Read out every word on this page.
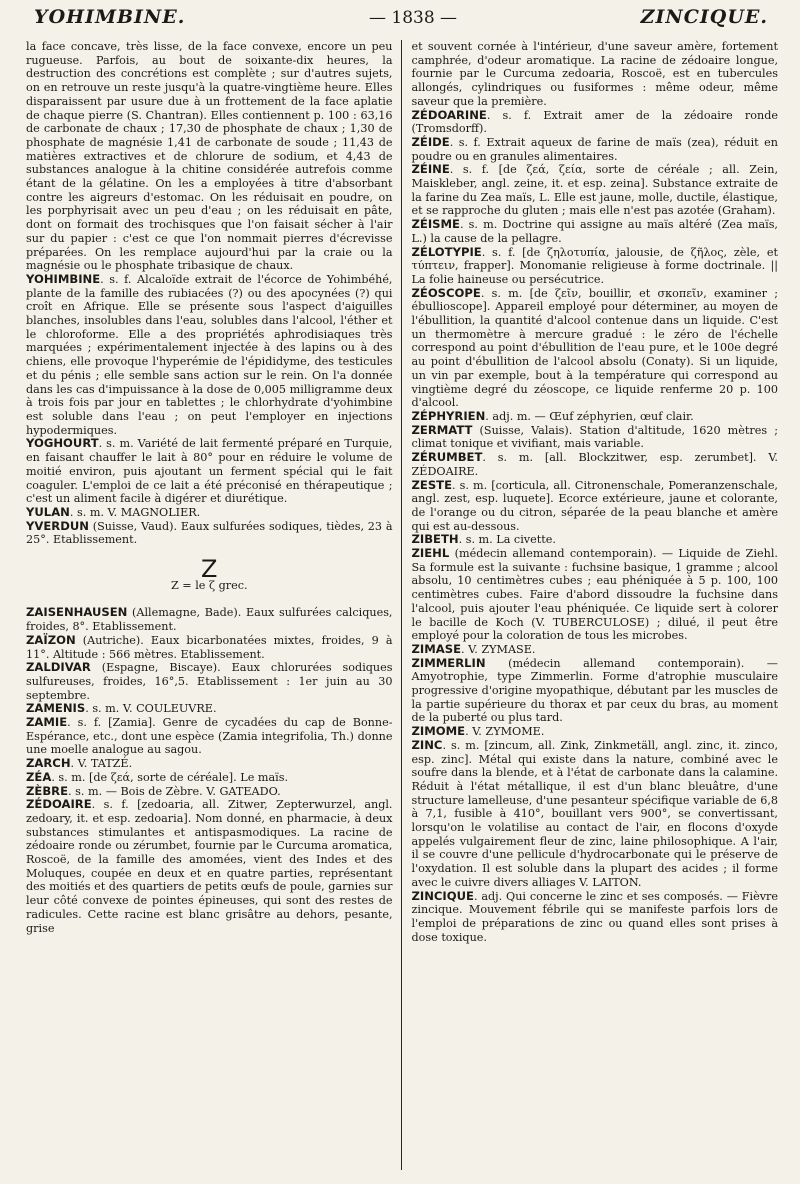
YOHIMBINE.	— 1838 —	ZINCIQUE.

la face concave, très lisse, de la face convexe, encore un peu rugueuse. Parfois, au bout de soixante-dix heures, la destruction des concrétions est complète ; sur d'autres sujets, on en retrouve un reste jusqu'à la quatre-vingtième heure. Elles disparaissent par usure due à un frottement de la face aplatie de chaque pierre (S. Chantran). Elles contiennent p. 100 : 63,16 de carbonate de chaux ; 17,30 de phosphate de chaux ; 1,30 de phosphate de magnésie 1,41 de carbonate de soude ; 11,43 de matières extractives et de chlorure de sodium, et 4,43 de substances analogue à la chitine considérée autrefois comme étant de la gélatine. On les a employées à titre d'absorbant contre les aigreurs d'estomac. On les réduisait en poudre, on les porphyrisait avec un peu d'eau ; on les réduisait en pâte, dont on formait des trochisques que l'on faisait sécher à l'air sur du papier : c'est ce que l'on nommait pierres d'écrevisse préparées. On les remplace aujourd'hui par la craie ou la magnésie ou le phosphate tribasique de chaux.

YOHIMBINE. s. f. Alcaloïde extrait de l'écorce de Yohimbéhé, plante de la famille des rubiacées (?) ou des apocynées (?) qui croît en Afrique. Elle se présente sous l'aspect d'aiguilles blanches, insolubles dans l'eau, solubles dans l'alcool, l'éther et le chloroforme. Elle a des propriétés aphrodisiaques très marquées ; expérimentalement injectée à des lapins ou à des chiens, elle provoque l'hyperémie de l'épididyme, des testicules et du pénis ; elle semble sans action sur le rein. On l'a donnée dans les cas d'impuissance à la dose de 0,005 milligramme deux à trois fois par jour en tablettes ; le chlorhydrate d'yohimbine est soluble dans l'eau ; on peut l'employer en injections hypodermiques.

YOGHOURT. s. m. Variété de lait fermenté préparé en Turquie, en faisant chauffer le lait à 80° pour en réduire le volume de moitié environ, puis ajoutant un ferment spécial qui le fait coaguler. L'emploi de ce lait a été préconisé en thérapeutique ; c'est un aliment facile à digérer et diurétique.

YULAN. s. m. V. MAGNOLIER.

YVERDUN (Suisse, Vaud). Eaux sulfurées sodiques, tièdes, 23 à 25°. Etablissement.

Z
Z = le ζ grec.

ZAISENHAUSEN (Allemagne, Bade). Eaux sulfurées calciques, froides, 8°. Etablissement.

ZAÏZON (Autriche). Eaux bicarbonatées mixtes, froides, 9 à 11°. Altitude : 566 mètres. Etablissement.

ZALDIVAR (Espagne, Biscaye). Eaux chlorurées sodiques sulfureuses, froides, 16°,5. Etablissement : 1er juin au 30 septembre.

ZAMENIS. s. m. V. COULEUVRE.

ZAMIE. s. f. [Zamia]. Genre de cycadées du cap de Bonne-Espérance, etc., dont une espèce (Zamia integrifolia, Th.) donne une moelle analogue au sagou.

ZARCH. V. TATZÉ.

ZÉA. s. m. [de ζεά, sorte de céréale]. Le maïs.

ZÈBRE. s. m. — Bois de Zèbre. V. GATEADO.

ZÉDOAIRE. s. f. [zedoaria, all. Zitwer, Zepterwurzel, angl. zedoary, it. et esp. zedoaria]. Nom donné, en pharmacie, à deux substances stimulantes et antispasmodiques. La racine de zédoaire ronde ou zérumbet, fournie par le Curcuma aromatica, Roscoë, de la famille des amomées, vient des Indes et des Moluques, coupée en deux et en quatre parties, représentant des moitiés et des quartiers de petits œufs de poule, garnies sur leur côté convexe de pointes épineuses, qui sont des restes de radicules. Cette racine est blanc grisâtre au dehors, pesante, grise

et souvent cornée à l'intérieur, d'une saveur amère, fortement camphrée, d'odeur aromatique. La racine de zédoaire longue, fournie par le Curcuma zedoaria, Roscoë, est en tubercules allongés, cylindriques ou fusiformes : même odeur, même saveur que la première.

ZÉDOARINE. s. f. Extrait amer de la zédoaire ronde (Tromsdorff).

ZÉIDE. s. f. Extrait aqueux de farine de maïs (zea), réduit en poudre ou en granules alimentaires.

ZÉINE. s. f. [de ζεά, ζεία, sorte de céréale ; all. Zein, Maiskleber, angl. zeine, it. et esp. zeina]. Substance extraite de la farine du Zea maïs, L. Elle est jaune, molle, ductile, élastique, et se rapproche du gluten ; mais elle n'est pas azotée (Graham).

ZÉISME. s. m. Doctrine qui assigne au maïs altéré (Zea maïs, L.) la cause de la pellagre.

ZÉLOTYPIE. s. f. [de ζηλοτυπία, jalousie, de ζῆλος, zèle, et τύπτειν, frapper]. Monomanie religieuse à forme doctrinale. || La folie haineuse ou persécutrice.

ZÉOSCOPE. s. m. [de ζεῖν, bouillir, et σκοπεῖν, examiner ; ébullioscope]. Appareil employé pour déterminer, au moyen de l'ébullition, la quantité d'alcool contenue dans un liquide. C'est un thermomètre à mercure gradué : le zéro de l'échelle correspond au point d'ébullition de l'eau pure, et le 100e degré au point d'ébullition de l'alcool absolu (Conaty). Si un liquide, un vin par exemple, bout à la température qui correspond au vingtième degré du zéoscope, ce liquide renferme 20 p. 100 d'alcool.

ZÉPHYRIEN. adj. m. — Œuf zéphyrien, œuf clair.

ZERMATT (Suisse, Valais). Station d'altitude, 1620 mètres ; climat tonique et vivifiant, mais variable.

ZÉRUMBET. s. m. [all. Blockzitwer, esp. zerumbet]. V. ZÉDOAIRE.

ZESTE. s. m. [corticula, all. Citronenschale, Pomeranzenschale, angl. zest, esp. luquete]. Ecorce extérieure, jaune et colorante, de l'orange ou du citron, séparée de la peau blanche et amère qui est au-dessous.

ZIBETH. s. m. La civette.

ZIEHL (médecin allemand contemporain). — Liquide de Ziehl. Sa formule est la suivante : fuchsine basique, 1 gramme ; alcool absolu, 10 centimètres cubes ; eau phéniquée à 5 p. 100, 100 centimètres cubes. Faire d'abord dissoudre la fuchsine dans l'alcool, puis ajouter l'eau phéniquée. Ce liquide sert à colorer le bacille de Koch (V. TUBERCULOSE) ; dilué, il peut être employé pour la coloration de tous les microbes.

ZIMASE. V. ZYMASE.

ZIMMERLIN (médecin allemand contemporain). — Amyotrophie, type Zimmerlin. Forme d'atrophie musculaire progressive d'origine myopathique, débutant par les muscles de la partie supérieure du thorax et par ceux du bras, au moment de la puberté ou plus tard.

ZIMOME. V. ZYMOME.

ZINC. s. m. [zincum, all. Zink, Zinkmetäll, angl. zinc, it. zinco, esp. zinc]. Métal qui existe dans la nature, combiné avec le soufre dans la blende, et à l'état de carbonate dans la calamine. Réduit à l'état métallique, il est d'un blanc bleuâtre, d'une structure lamelleuse, d'une pesanteur spécifique variable de 6,8 à 7,1, fusible à 410°, bouillant vers 900°, se convertissant, lorsqu'on le volatilise au contact de l'air, en flocons d'oxyde appelés vulgairement fleur de zinc, laine philosophique. A l'air, il se couvre d'une pellicule d'hydrocarbonate qui le préserve de l'oxydation. Il est soluble dans la plupart des acides ; il forme avec le cuivre divers alliages V. LAITON.

ZINCIQUE. adj. Qui concerne le zinc et ses composés. — Fièvre zincique. Mouvement fébrile qui se manifeste parfois lors de l'emploi de préparations de zinc ou quand elles sont prises à dose toxique.
